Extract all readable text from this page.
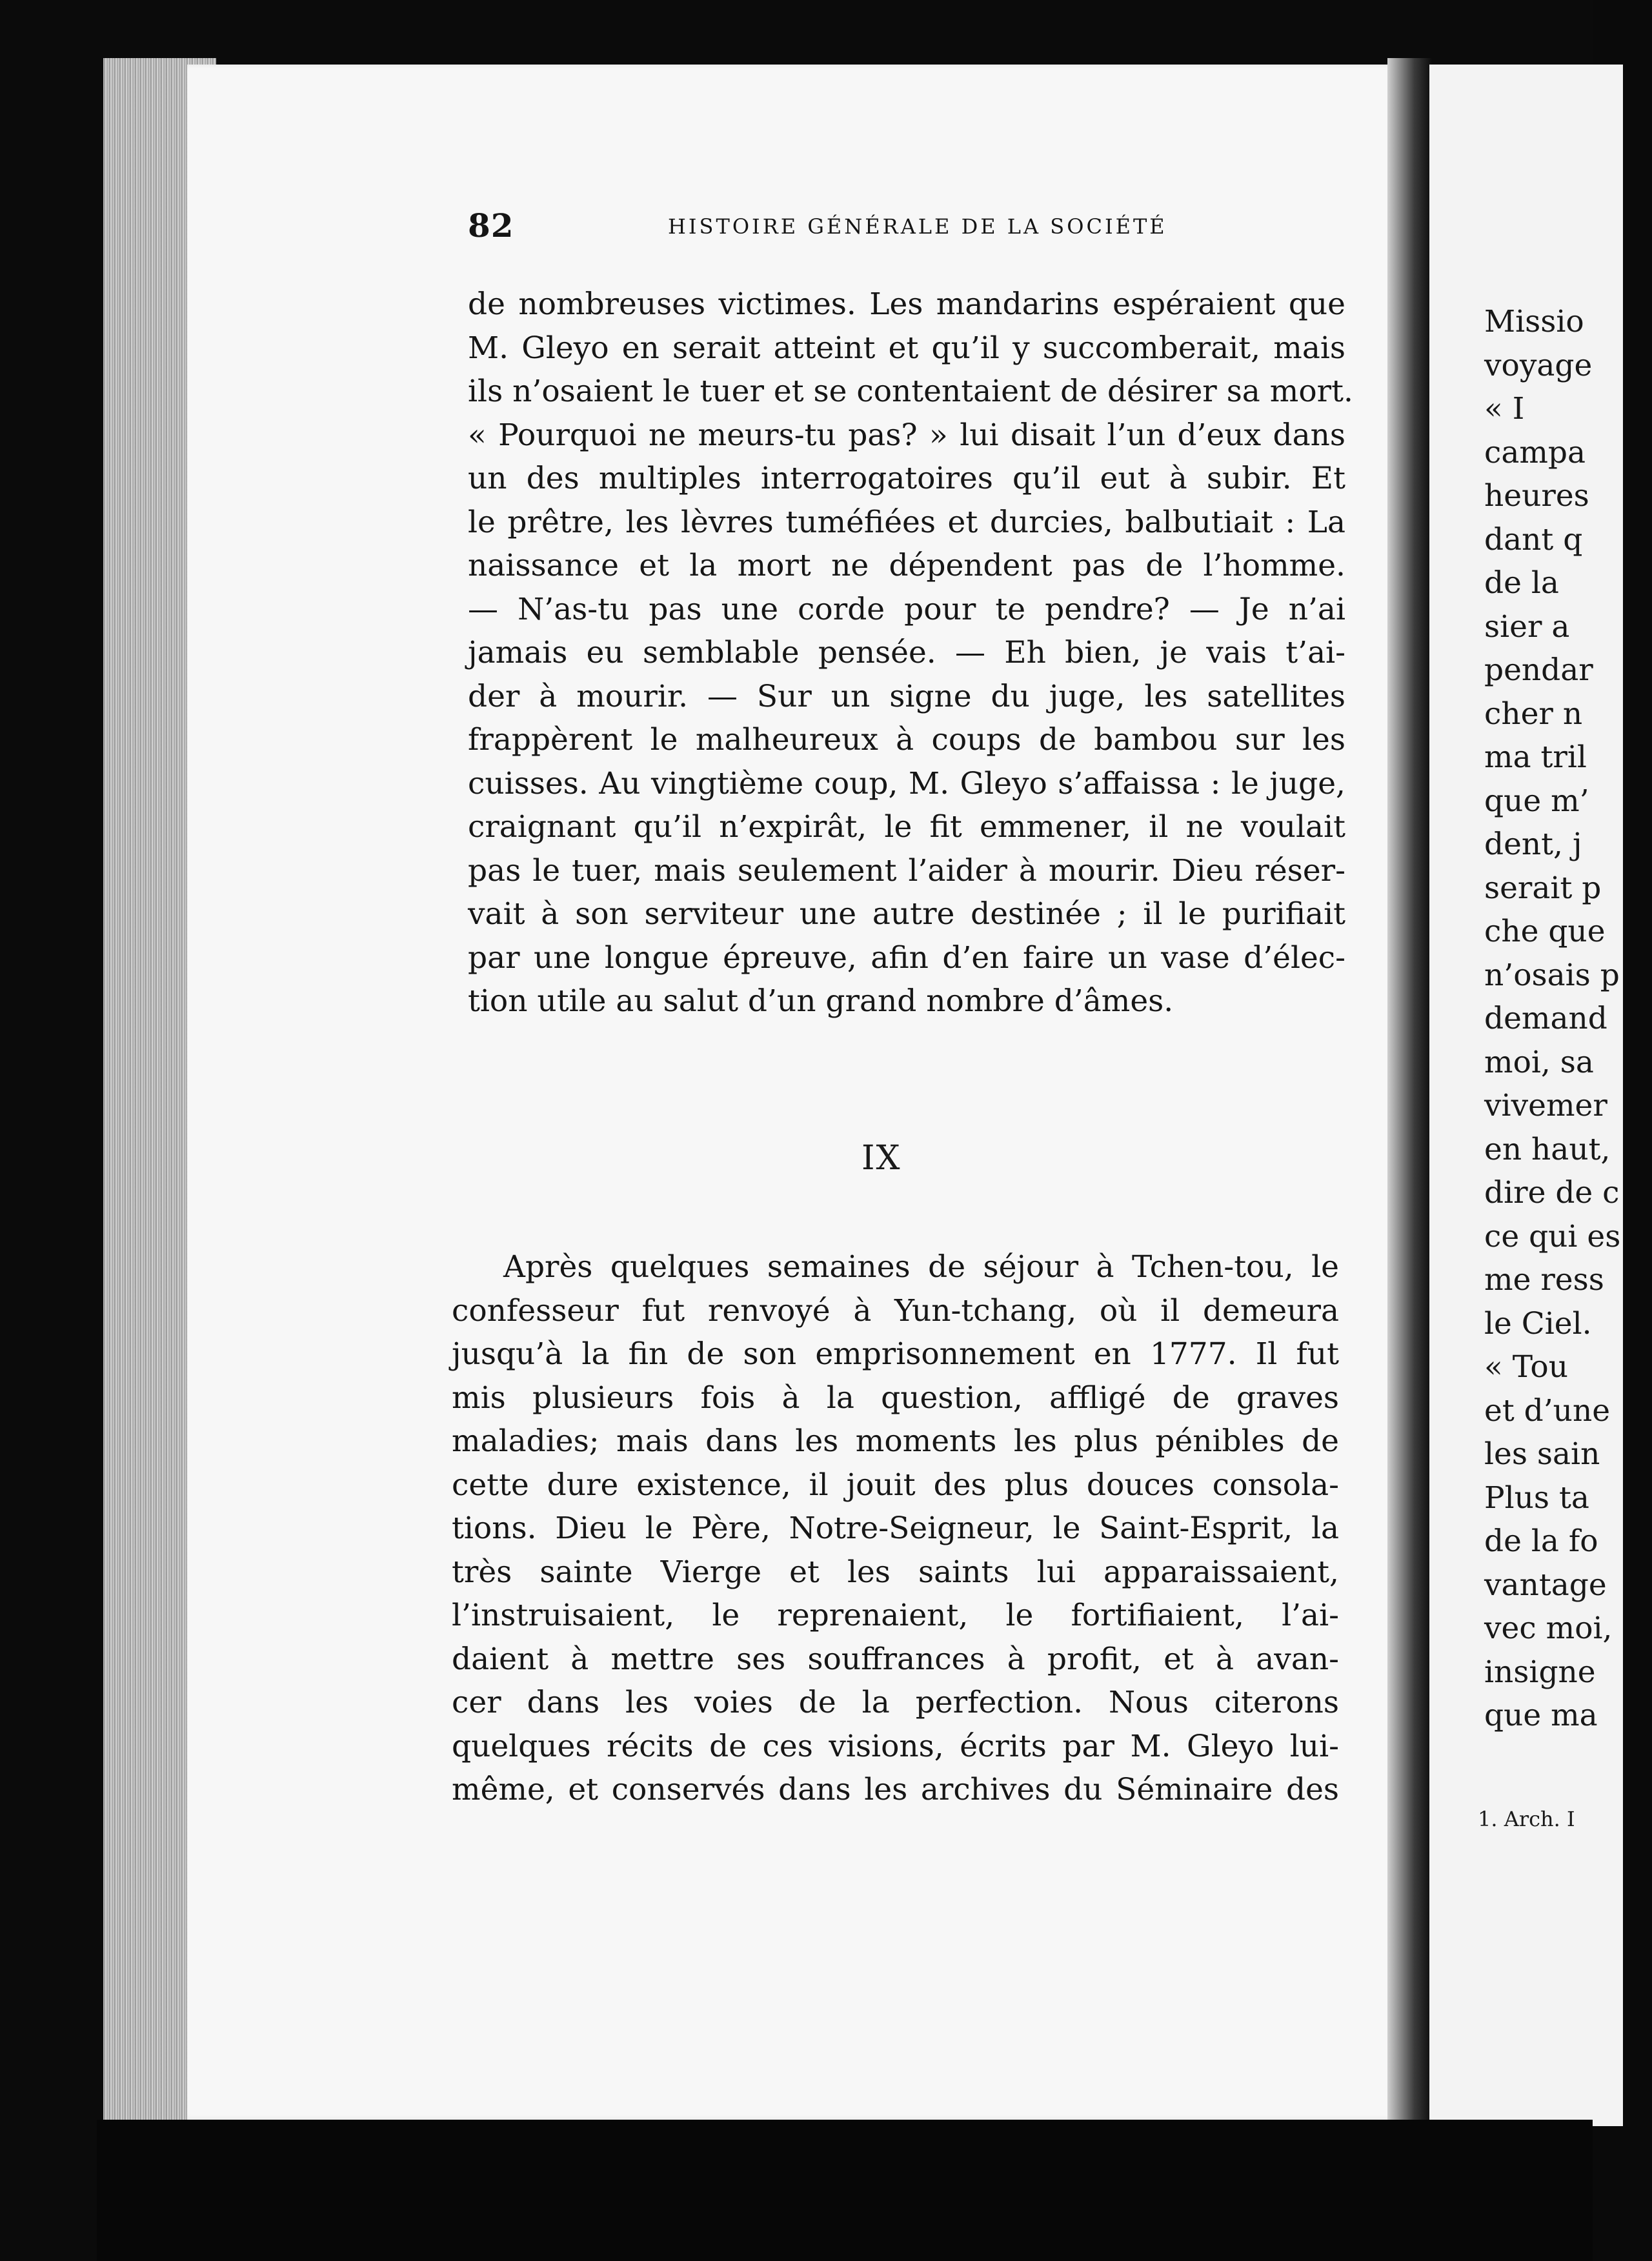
82	HISTOIRE GÉNÉRALE DE LA SOCIÉTÉ
de nombreuses victimes. Les mandarins espéraient que
M. Gleyo en serait atteint et qu’il y succomberait, mais
ils n’osaient le tuer et se contentaient de désirer sa mort.
« Pourquoi ne meurs-tu pas? » lui disait l’un d’eux dans
un des multiples interrogatoires qu’il eut à subir. Et
le prêtre, les lèvres tuméfiées et durcies, balbutiait : La
naissance et la mort ne dépendent pas de l’homme.
— N’as-tu pas une corde pour te pendre? — Je n’ai
jamais eu semblable pensée. — Eh bien, je vais t’ai-
der à mourir. — Sur un signe du juge, les satellites
frappèrent le malheureux à coups de bambou sur les
cuisses. Au vingtième coup, M. Gleyo s’affaissa : le juge,
craignant qu’il n’expirât, le fit emmener, il ne voulait
pas le tuer, mais seulement l’aider à mourir. Dieu réser-
vait à son serviteur une autre destinée ; il le purifiait
par une longue épreuve, afin d’en faire un vase d’élec-
tion utile au salut d’un grand nombre d’âmes.
IX
Après quelques semaines de séjour à Tchen-tou, le
confesseur fut renvoyé à Yun-tchang, où il demeura
jusqu’à la fin de son emprisonnement en 1777. Il fut
mis plusieurs fois à la question, affligé de graves
maladies; mais dans les moments les plus pénibles de
cette dure existence, il jouit des plus douces consola-
tions. Dieu le Père, Notre-Seigneur, le Saint-Esprit, la
très sainte Vierge et les saints lui apparaissaient,
l’instruisaient, le reprenaient, le fortifiaient, l’ai-
daient à mettre ses souffrances à profit, et à avan-
cer dans les voies de la perfection. Nous citerons
quelques récits de ces visions, écrits par M. Gleyo lui-
même, et conservés dans les archives du Séminaire des
Missio
voyage
« I
campa
heures
dant q
de la
sier a
pendar
cher n
ma tril
que m’
dent, j
serait p
che que
n’osais p
demand
moi, sa
vivemer
en haut,
dire de c
ce qui es
me ress
le Ciel.
« Tou
et d’une
les sain
Plus ta
de la fo
vantage
vec moi,
insigne
que ma
1. Arch. I
